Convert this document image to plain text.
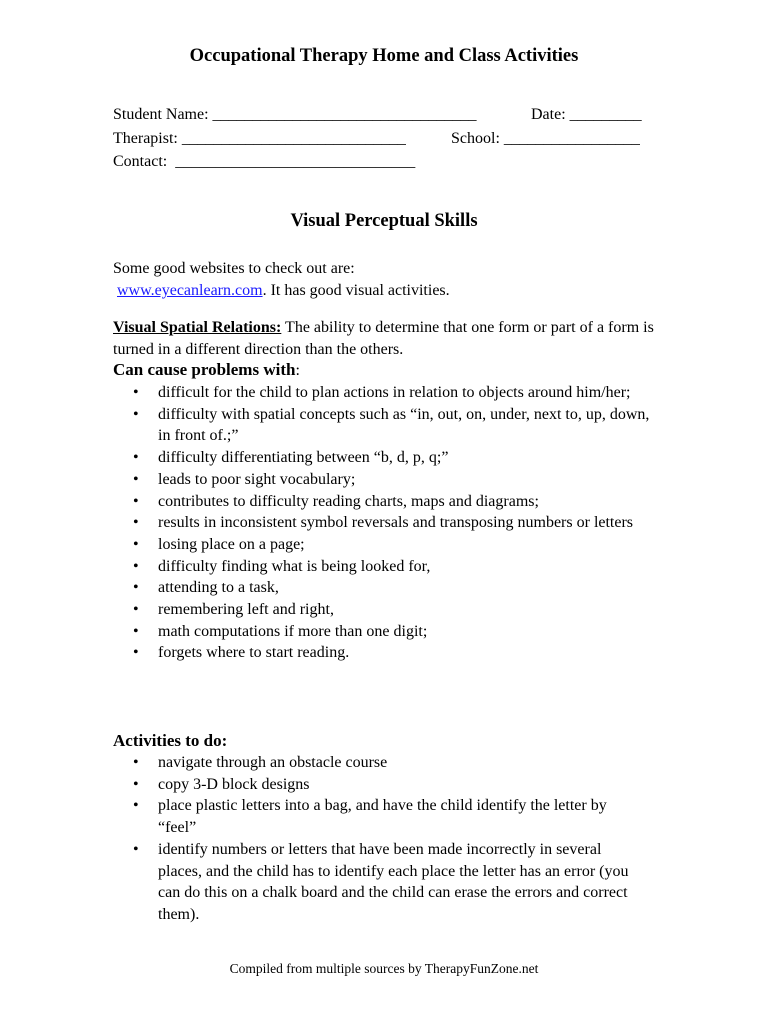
Occupational Therapy Home and Class Activities
Student Name: _________________________________	Date: _________
Therapist: ____________________________	School: _________________
Contact:  ______________________________
Visual Perceptual Skills
Some good websites to check out are:
www.eyecanlearn.com. It has good visual activities.
Visual Spatial Relations: The ability to determine that one form or part of a form is turned in a different direction than the others.
Can cause problems with:
• difficult for the child to plan actions in relation to objects around him/her;
• difficulty with spatial concepts such as “in, out, on, under, next to, up, down, in front of.;”
• difficulty differentiating between “b, d, p, q;”
• leads to poor sight vocabulary;
• contributes to difficulty reading charts, maps and diagrams;
• results in inconsistent symbol reversals and transposing numbers or letters
• losing place on a page;
• difficulty finding what is being looked for,
• attending to a task,
• remembering left and right,
• math computations if more than one digit;
• forgets where to start reading.
Activities to do:
• navigate through an obstacle course
• copy 3-D block designs
• place plastic letters into a bag, and have the child identify the letter by “feel”
• identify numbers or letters that have been made incorrectly in several places, and the child has to identify each place the letter has an error (you can do this on a chalk board and the child can erase the errors and correct them).
Compiled from multiple sources by TherapyFunZone.net
